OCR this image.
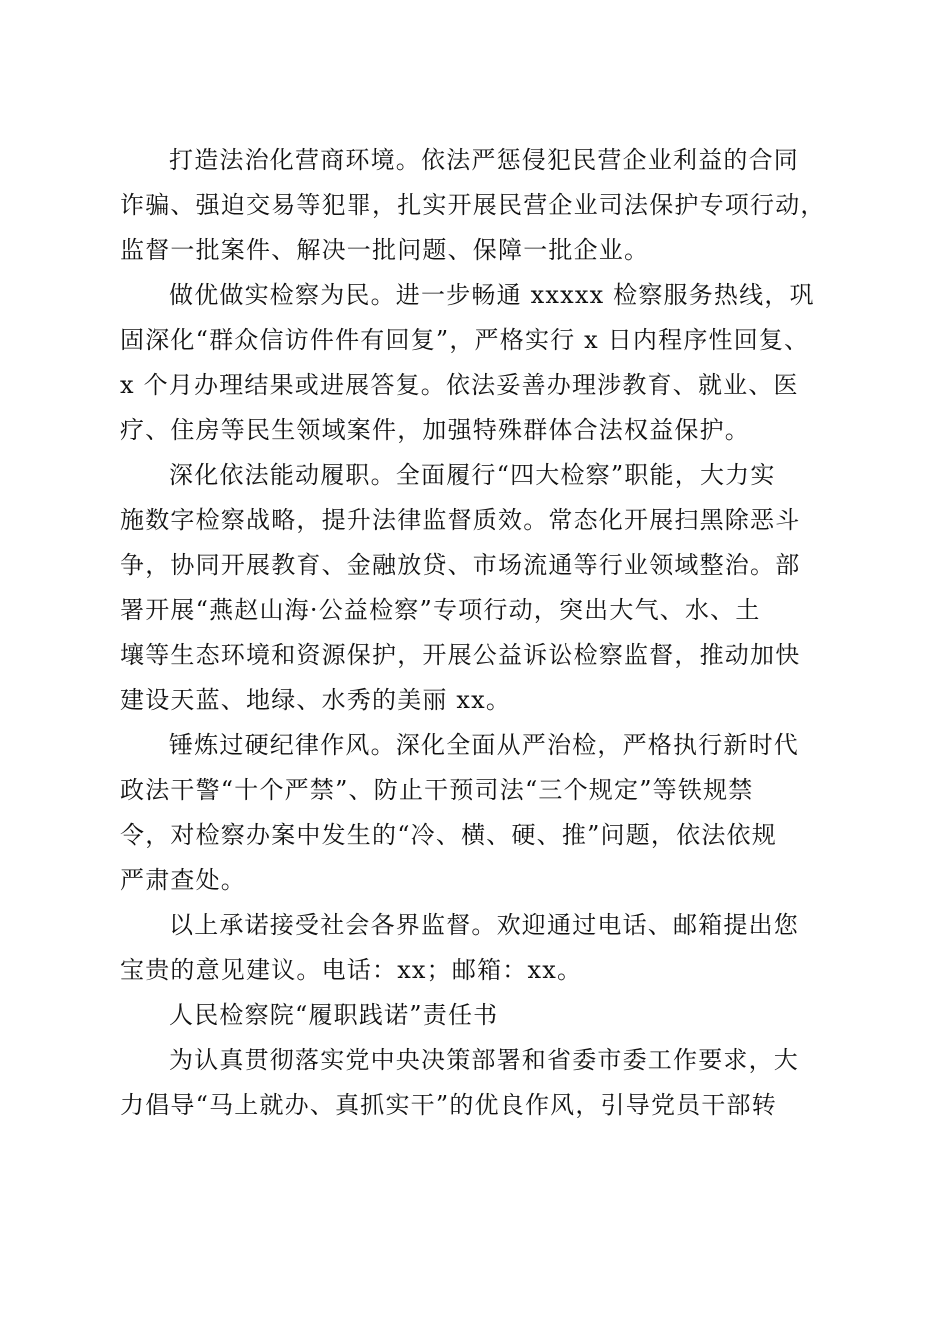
打造法治化营商环境。依法严惩侵犯民营企业利益的合同
诈骗、强迫交易等犯罪，扎实开展民营企业司法保护专项行动，
监督一批案件、解决一批问题、保障一批企业。
做优做实检察为民。进一步畅通 xxxxx 检察服务热线，巩
固深化“群众信访件件有回复”，严格实行 x 日内程序性回复、
x 个月办理结果或进展答复。依法妥善办理涉教育、就业、医
疗、住房等民生领域案件，加强特殊群体合法权益保护。
深化依法能动履职。全面履行“四大检察”职能，大力实
施数字检察战略，提升法律监督质效。常态化开展扫黑除恶斗
争，协同开展教育、金融放贷、市场流通等行业领域整治。部
署开展“燕赵山海·公益检察”专项行动，突出大气、水、土
壤等生态环境和资源保护，开展公益诉讼检察监督，推动加快
建设天蓝、地绿、水秀的美丽 xx。
锤炼过硬纪律作风。深化全面从严治检，严格执行新时代
政法干警“十个严禁”、防止干预司法“三个规定”等铁规禁
令，对检察办案中发生的“冷、横、硬、推”问题，依法依规
严肃查处。
以上承诺接受社会各界监督。欢迎通过电话、邮箱提出您
宝贵的意见建议。电话：xx；邮箱：xx。
人民检察院“履职践诺”责任书
为认真贯彻落实党中央决策部署和省委市委工作要求，大
力倡导“马上就办、真抓实干”的优良作风，引导党员干部转
